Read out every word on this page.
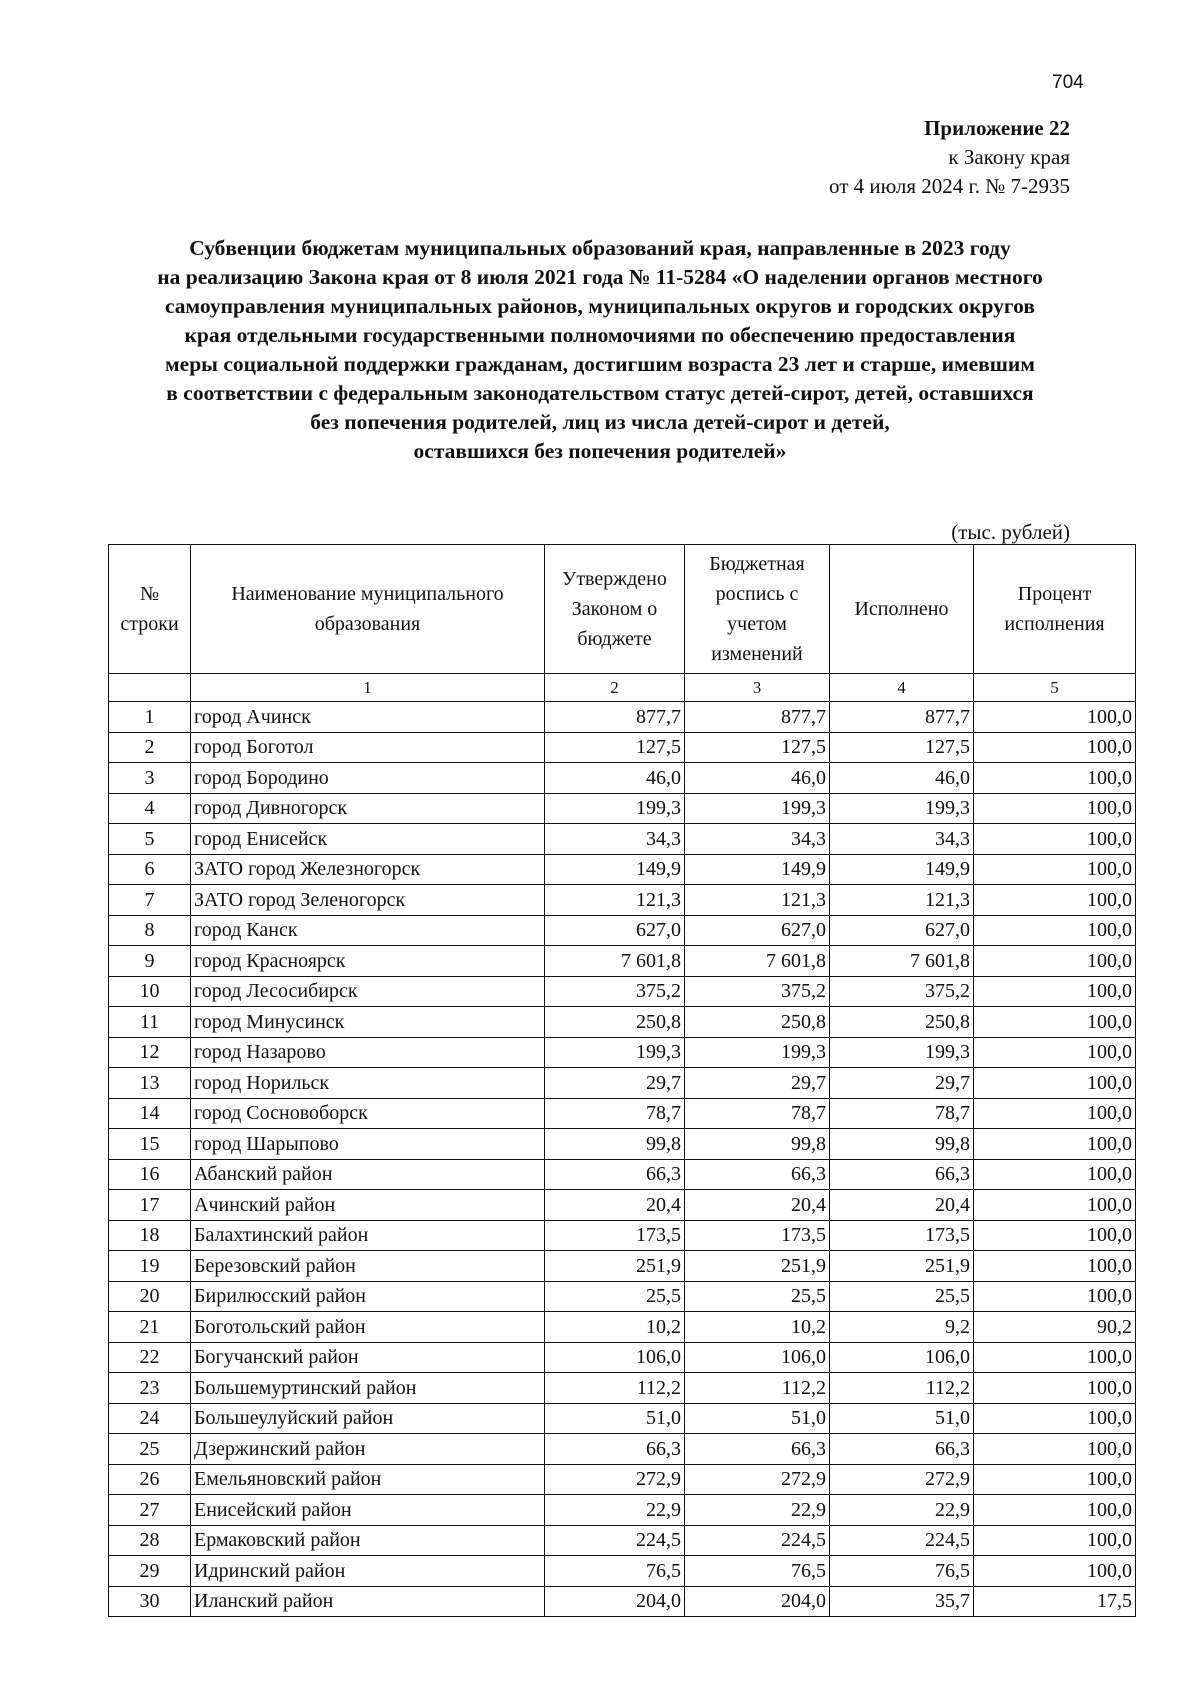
704
Приложение 22
к Закону края
от 4 июля 2024 г. № 7-2935
Субвенции бюджетам муниципальных образований края, направленные в 2023 году
на реализацию Закона края от 8 июля 2021 года № 11-5284 «О наделении органов местного
самоуправления муниципальных районов, муниципальных округов и городских округов
края отдельными государственными полномочиями по обеспечению предоставления
меры социальной поддержки гражданам, достигшим возраста 23 лет и старше, имевшим
в соответствии с федеральным законодательством статус детей-сирот, детей, оставшихся
без попечения родителей, лиц из числа детей-сирот и детей,
оставшихся без попечения родителей»
(тыс. рублей)
№ строки	Наименование муниципального образования	Утверждено Законом о бюджете	Бюджетная роспись с учетом изменений	Исполнено	Процент исполнения
	1	2	3	4	5
1	город Ачинск	877,7	877,7	877,7	100,0
2	город Боготол	127,5	127,5	127,5	100,0
3	город Бородино	46,0	46,0	46,0	100,0
4	город Дивногорск	199,3	199,3	199,3	100,0
5	город Енисейск	34,3	34,3	34,3	100,0
6	ЗАТО город Железногорск	149,9	149,9	149,9	100,0
7	ЗАТО город Зеленогорск	121,3	121,3	121,3	100,0
8	город Канск	627,0	627,0	627,0	100,0
9	город Красноярск	7 601,8	7 601,8	7 601,8	100,0
10	город Лесосибирск	375,2	375,2	375,2	100,0
11	город Минусинск	250,8	250,8	250,8	100,0
12	город Назарово	199,3	199,3	199,3	100,0
13	город Норильск	29,7	29,7	29,7	100,0
14	город Сосновоборск	78,7	78,7	78,7	100,0
15	город Шарыпово	99,8	99,8	99,8	100,0
16	Абанский район	66,3	66,3	66,3	100,0
17	Ачинский район	20,4	20,4	20,4	100,0
18	Балахтинский район	173,5	173,5	173,5	100,0
19	Березовский район	251,9	251,9	251,9	100,0
20	Бирилюсский район	25,5	25,5	25,5	100,0
21	Боготольский район	10,2	10,2	9,2	90,2
22	Богучанский район	106,0	106,0	106,0	100,0
23	Большемуртинский район	112,2	112,2	112,2	100,0
24	Большеулуйский район	51,0	51,0	51,0	100,0
25	Дзержинский район	66,3	66,3	66,3	100,0
26	Емельяновский район	272,9	272,9	272,9	100,0
27	Енисейский район	22,9	22,9	22,9	100,0
28	Ермаковский район	224,5	224,5	224,5	100,0
29	Идринский район	76,5	76,5	76,5	100,0
30	Иланский район	204,0	204,0	35,7	17,5
